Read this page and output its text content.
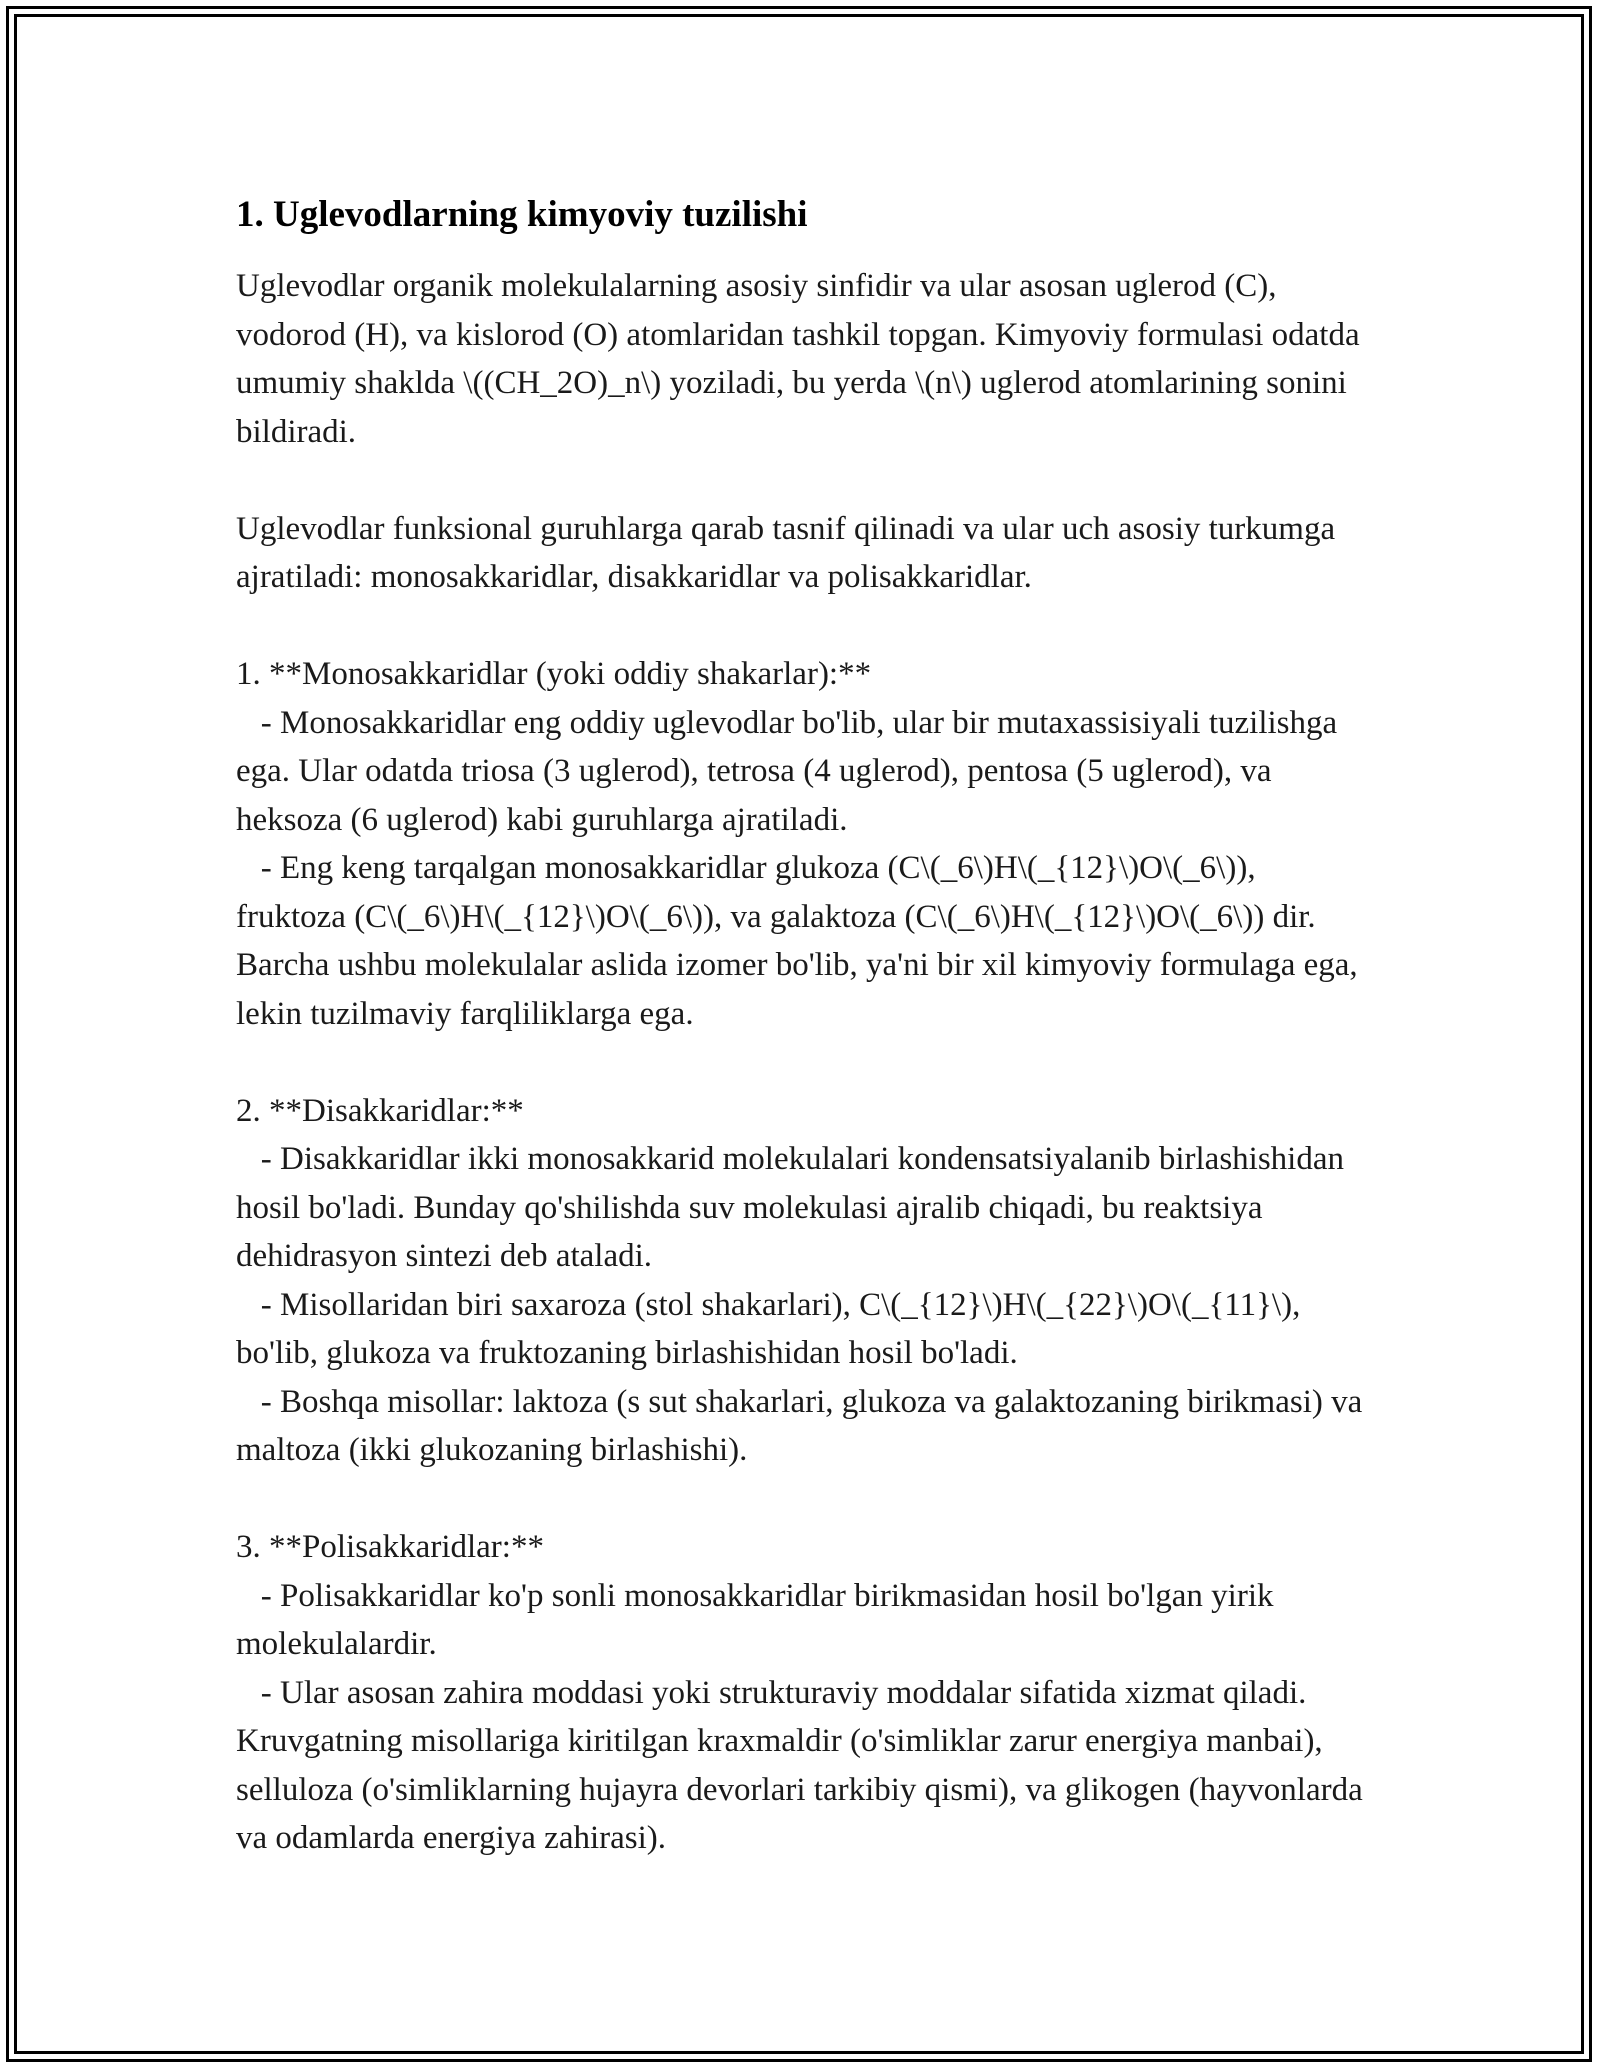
1. Uglevodlarning kimyoviy tuzilishi

Uglevodlar organik molekulalarning asosiy sinfidir va ular asosan uglerod (C), vodorod (H), va kislorod (O) atomlaridan tashkil topgan. Kimyoviy formulasi odatda umumiy shaklda \((CH_2O)_n\) yoziladi, bu yerda \(n\) uglerod atomlarining sonini bildiradi.

Uglevodlar funksional guruhlarga qarab tasnif qilinadi va ular uch asosiy turkumga ajratiladi: monosakkaridlar, disakkaridlar va polisakkaridlar.

1. **Monosakkaridlar (yoki oddiy shakarlar):**

- Monosakkaridlar eng oddiy uglevodlar bo'lib, ular bir mutaxassisiyali tuzilishga ega. Ular odatda triosa (3 uglerod), tetrosa (4 uglerod), pentosa (5 uglerod), va heksoza (6 uglerod) kabi guruhlarga ajratiladi.

- Eng keng tarqalgan monosakkaridlar glukoza (C\(_6\)H\(_{12}\)O\(_6\)), fruktoza (C\(_6\)H\(_{12}\)O\(_6\)), va galaktoza (C\(_6\)H\(_{12}\)O\(_6\)) dir. Barcha ushbu molekulalar aslida izomer bo'lib, ya'ni bir xil kimyoviy formulaga ega, lekin tuzilmaviy farqliliklarga ega.

2. **Disakkaridlar:**

- Disakkaridlar ikki monosakkarid molekulalari kondensatsiyalanib birlashishidan hosil bo'ladi. Bunday qo'shilishda suv molekulasi ajralib chiqadi, bu reaktsiya dehidrasyon sintezi deb ataladi.

- Misollaridan biri saxaroza (stol shakarlari), C\(_{12}\)H\(_{22}\)O\(_{11}\), bo'lib, glukoza va fruktozaning birlashishidan hosil bo'ladi.

- Boshqa misollar: laktoza (s sut shakarlari, glukoza va galaktozaning birikmasi) va maltoza (ikki glukozaning birlashishi).

3. **Polisakkaridlar:**

- Polisakkaridlar ko'p sonli monosakkaridlar birikmasidan hosil bo'lgan yirik molekulalardir.

- Ular asosan zahira moddasi yoki strukturaviy moddalar sifatida xizmat qiladi. Kruvgatning misollariga kiritilgan kraxmaldir (o'simliklar zarur energiya manbai), selluloza (o'simliklarning hujayra devorlari tarkibiy qismi), va glikogen (hayvonlarda va odamlarda energiya zahirasi).
